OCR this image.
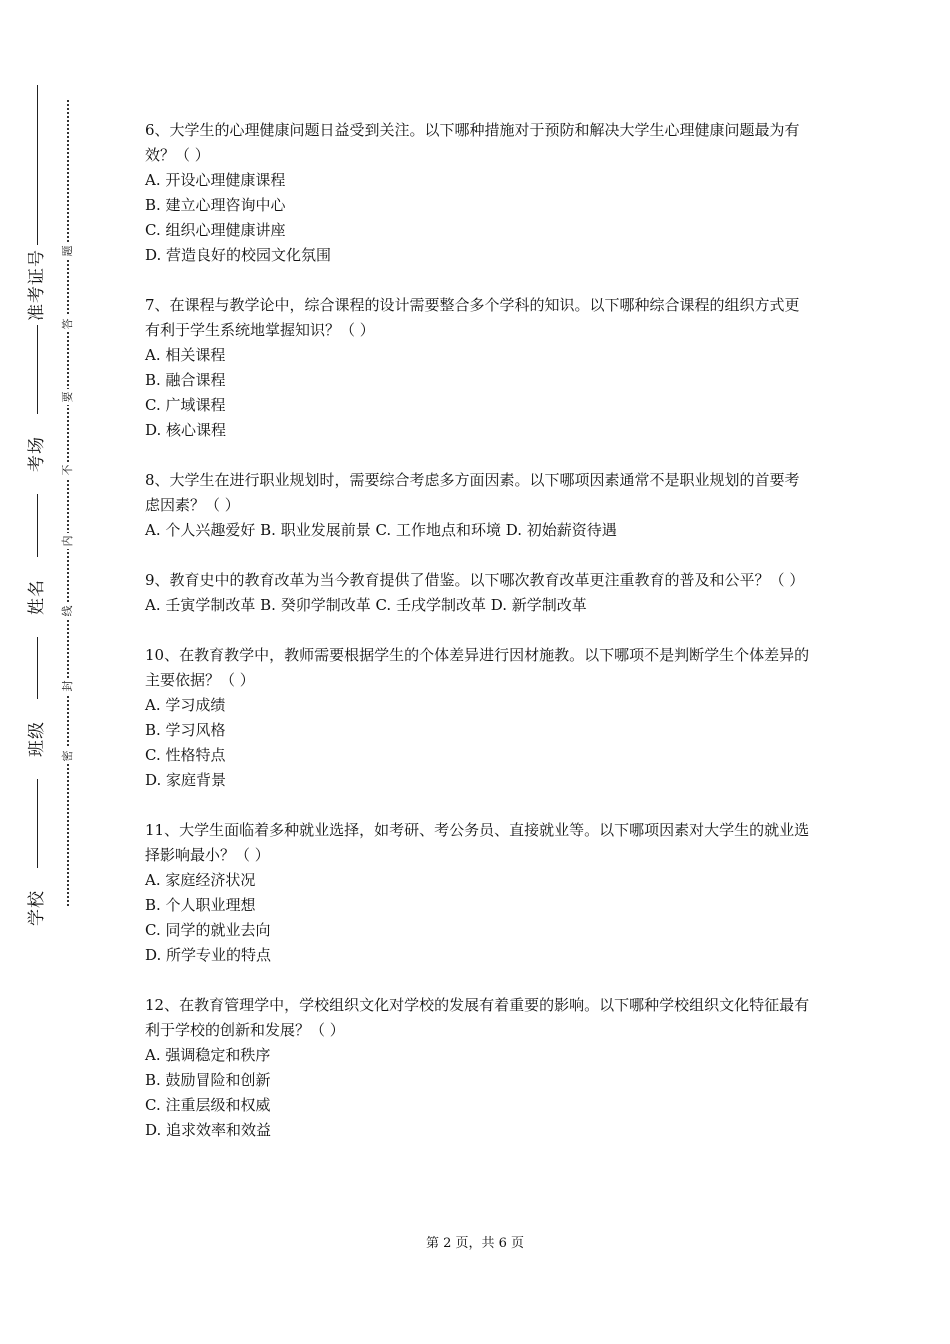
准考证号
考场
姓名
班级
学校
题
答
要
不
内
线
封
密

6、大学生的心理健康问题日益受到关注。以下哪种措施对于预防和解决大学生心理健康问题最为有效？（ ）

A. 开设心理健康课程

B. 建立心理咨询中心

C. 组织心理健康讲座

D. 营造良好的校园文化氛围

7、在课程与教学论中，综合课程的设计需要整合多个学科的知识。以下哪种综合课程的组织方式更有利于学生系统地掌握知识？（ ）

A. 相关课程

B. 融合课程

C. 广域课程

D. 核心课程

8、大学生在进行职业规划时，需要综合考虑多方面因素。以下哪项因素通常不是职业规划的首要考虑因素？（ ）

A. 个人兴趣爱好 B. 职业发展前景 C. 工作地点和环境 D. 初始薪资待遇

9、教育史中的教育改革为当今教育提供了借鉴。以下哪次教育改革更注重教育的普及和公平？（ ）

A. 壬寅学制改革 B. 癸卯学制改革 C. 壬戌学制改革 D. 新学制改革

10、在教育教学中，教师需要根据学生的个体差异进行因材施教。以下哪项不是判断学生个体差异的主要依据？（ ）

A. 学习成绩

B. 学习风格

C. 性格特点

D. 家庭背景

11、大学生面临着多种就业选择，如考研、考公务员、直接就业等。以下哪项因素对大学生的就业选择影响最小？（ ）

A. 家庭经济状况

B. 个人职业理想

C. 同学的就业去向

D. 所学专业的特点

12、在教育管理学中，学校组织文化对学校的发展有着重要的影响。以下哪种学校组织文化特征最有利于学校的创新和发展？（ ）

A. 强调稳定和秩序

B. 鼓励冒险和创新

C. 注重层级和权威

D. 追求效率和效益

第 2 页，共 6 页
